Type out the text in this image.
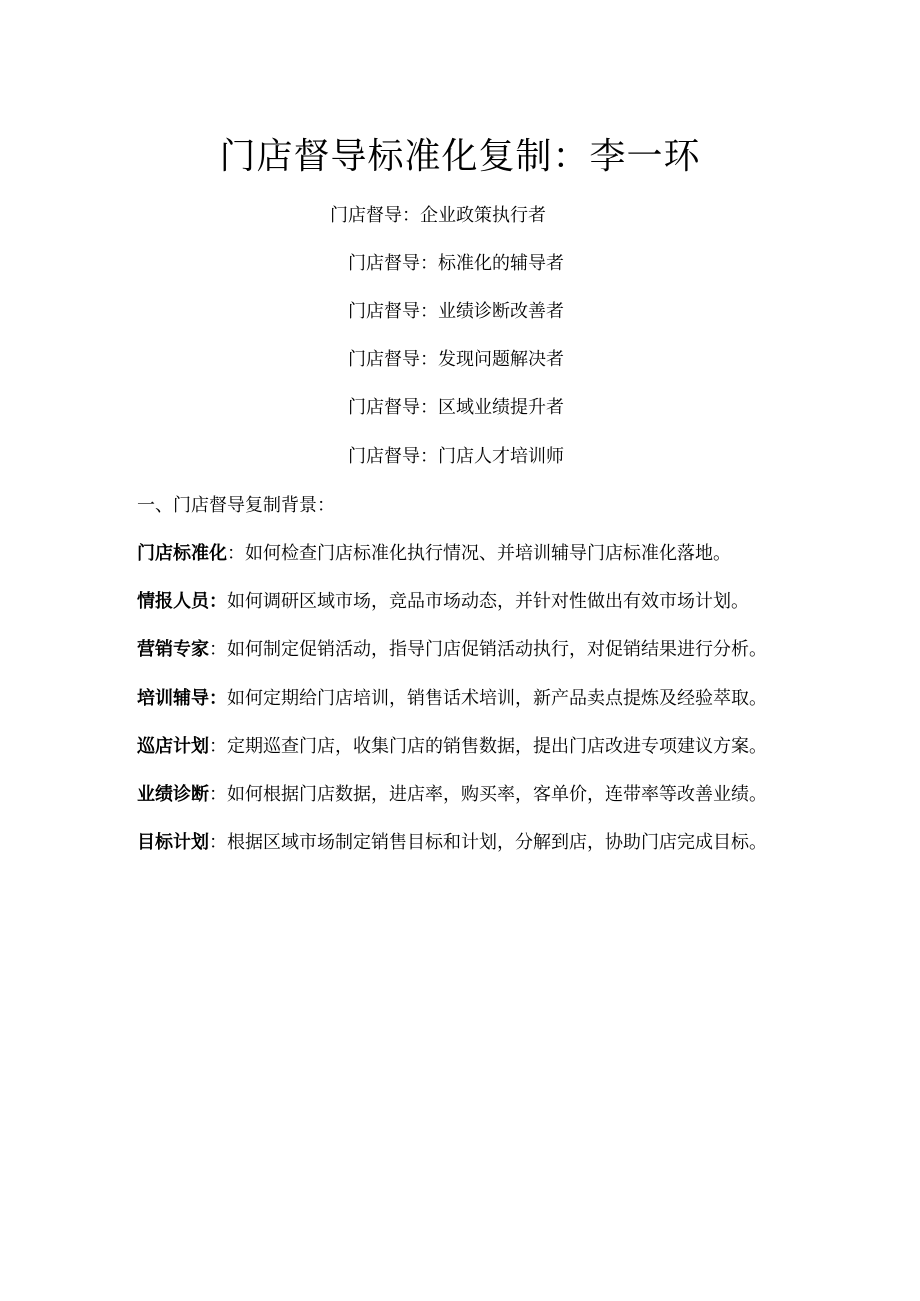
门店督导标准化复制：李一环
门店督导：企业政策执行者
门店督导：标准化的辅导者
门店督导：业绩诊断改善者
门店督导：发现问题解决者
门店督导：区域业绩提升者
门店督导：门店人才培训师
一、门店督导复制背景：
门店标准化：如何检查门店标准化执行情况、并培训辅导门店标准化落地。
情报人员：如何调研区域市场，竞品市场动态，并针对性做出有效市场计划。
营销专家：如何制定促销活动，指导门店促销活动执行，对促销结果进行分析。
培训辅导：如何定期给门店培训，销售话术培训，新产品卖点提炼及经验萃取。
巡店计划：定期巡查门店，收集门店的销售数据，提出门店改进专项建议方案。
业绩诊断：如何根据门店数据，进店率，购买率，客单价，连带率等改善业绩。
目标计划：根据区域市场制定销售目标和计划，分解到店，协助门店完成目标。
